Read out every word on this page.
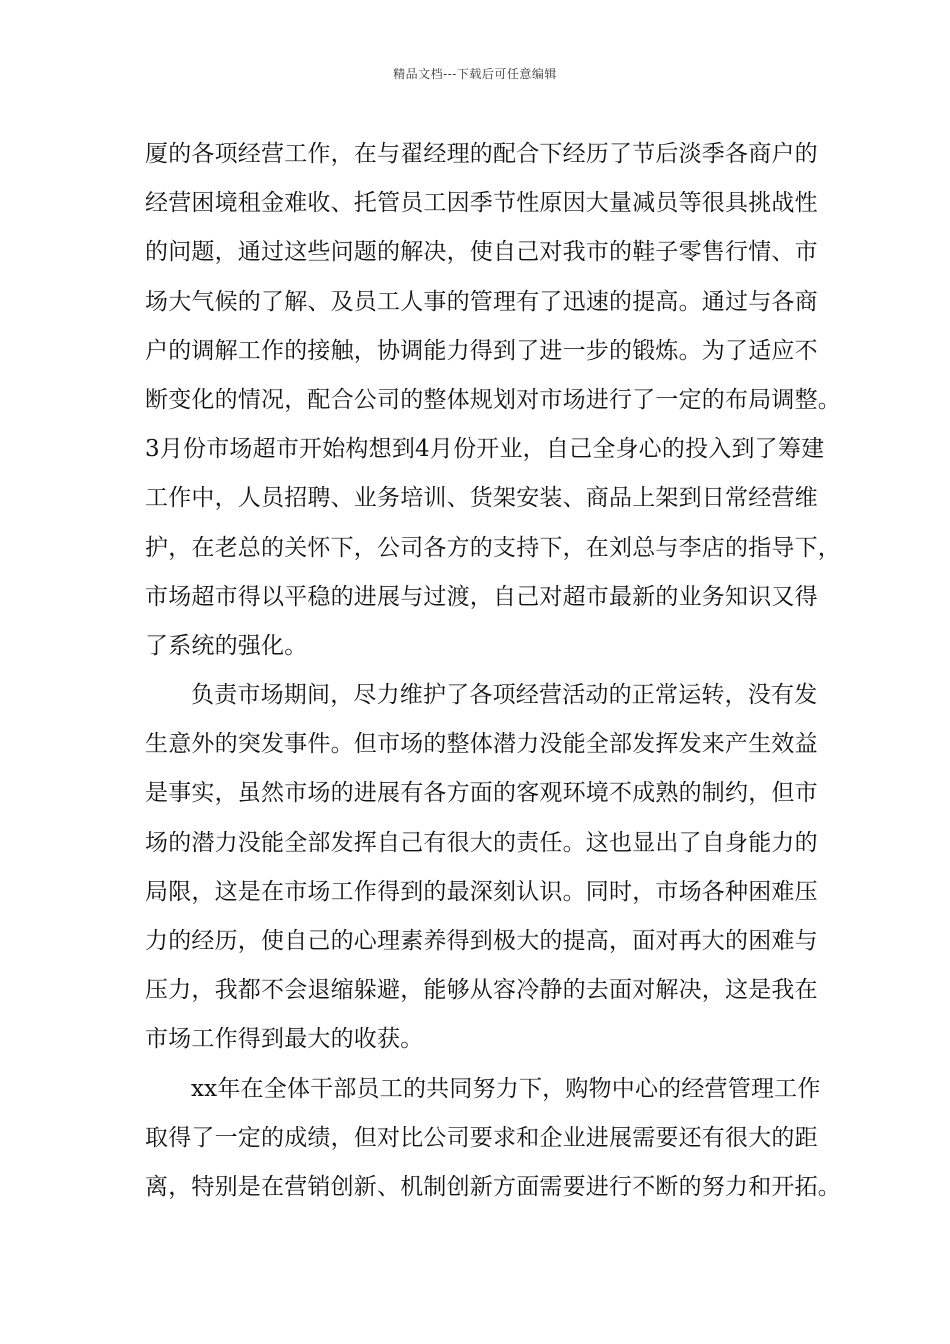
精品文档---下载后可任意编辑
厦的各项经营工作，在与翟经理的配合下经历了节后淡季各商户的
经营困境租金难收、托管员工因季节性原因大量减员等很具挑战性
的问题，通过这些问题的解决，使自己对我市的鞋子零售行情、市
场大气候的了解、及员工人事的管理有了迅速的提高。通过与各商
户的调解工作的接触，协调能力得到了进一步的锻炼。为了适应不
断变化的情况，配合公司的整体规划对市场进行了一定的布局调整。
3月份市场超市开始构想到4月份开业，自己全身心的投入到了筹建
工作中，人员招聘、业务培训、货架安装、商品上架到日常经营维
护，在老总的关怀下，公司各方的支持下，在刘总与李店的指导下，
市场超市得以平稳的进展与过渡，自己对超市最新的业务知识又得
了系统的强化。
负责市场期间，尽力维护了各项经营活动的正常运转，没有发
生意外的突发事件。但市场的整体潜力没能全部发挥发来产生效益
是事实，虽然市场的进展有各方面的客观环境不成熟的制约，但市
场的潜力没能全部发挥自己有很大的责任。这也显出了自身能力的
局限，这是在市场工作得到的最深刻认识。同时，市场各种困难压
力的经历，使自己的心理素养得到极大的提高，面对再大的困难与
压力，我都不会退缩躲避，能够从容冷静的去面对解决，这是我在
市场工作得到最大的收获。
xx年在全体干部员工的共同努力下，购物中心的经营管理工作
取得了一定的成绩，但对比公司要求和企业进展需要还有很大的距
离，特别是在营销创新、机制创新方面需要进行不断的努力和开拓。
